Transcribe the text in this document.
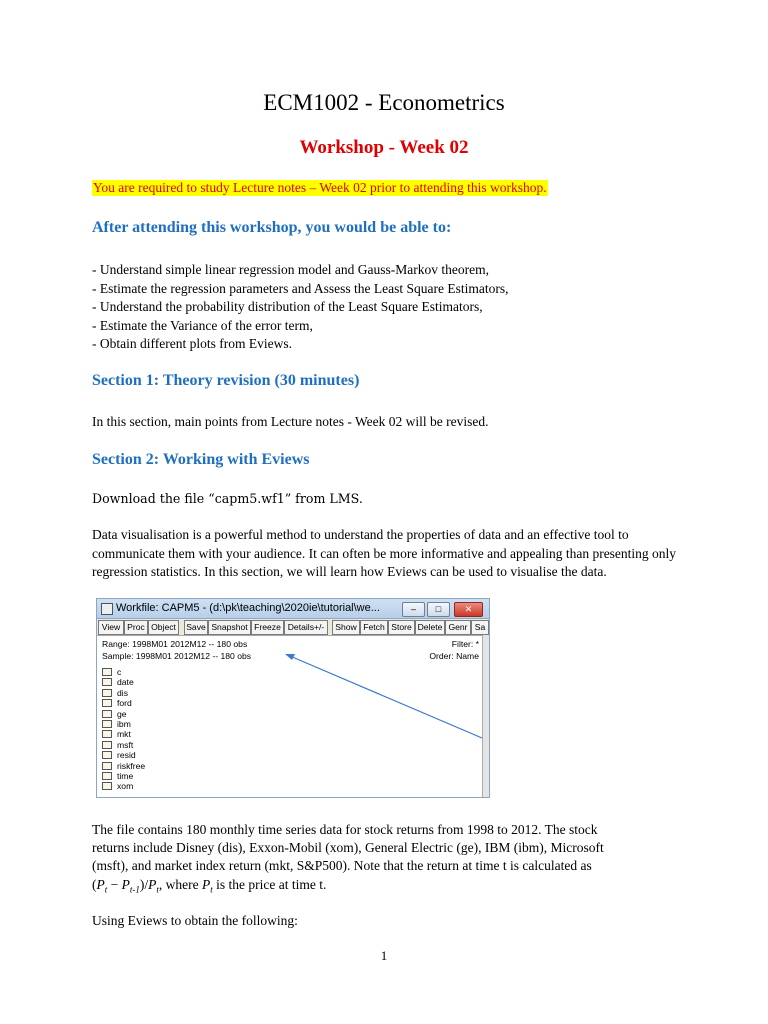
ECM1002 - Econometrics
Workshop - Week 02
You are required to study Lecture notes – Week 02 prior to attending this workshop.
After attending this workshop, you would be able to:
- Understand simple linear regression model and Gauss-Markov theorem,
- Estimate the regression parameters and Assess the Least Square Estimators,
- Understand the probability distribution of the Least Square Estimators,
- Estimate the Variance of the error term,
- Obtain different plots from Eviews.
Section 1: Theory revision (30 minutes)
In this section, main points from Lecture notes - Week 02 will be revised.
Section 2: Working with Eviews
Download the file “capm5.wf1” from LMS.
Data visualisation is a powerful method to understand the properties of data and an effective tool to communicate them with your audience. It can often be more informative and appealing than presenting only regression statistics. In this section, we will learn how Eviews can be used to visualise the data.
Workfile: CAPM5 - (d:\pk\teaching\2020ie\tutorial\we...	–	□	✕
View Proc Object	Save Snapshot Freeze Details+/-	Show Fetch Store Delete Genr Sa
Range: 1998M01 2012M12 -- 180 obs	Filter: *
Sample: 1998M01 2012M12 -- 180 obs	Order: Name
c
date
dis
ford
ge
ibm
mkt
msft
resid
riskfree
time
xom
The file contains 180 monthly time series data for stock returns from 1998 to 2012. The stock
returns include Disney (dis), Exxon-Mobil (xom), General Electric (ge), IBM (ibm), Microsoft
(msft), and market index return (mkt, S&P500). Note that the return at time t is calculated as
$(P_t - P_{t-1})/P_t$, where $P_t$ is the price at time t.
Using Eviews to obtain the following:
1
